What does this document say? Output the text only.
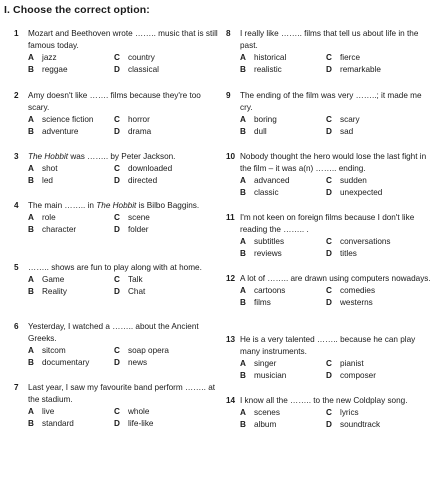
I. Choose the correct option:
1 Mozart and Beethoven wrote …….. music that is still famous today.
A jazz	C country
B reggae	D classical
2 Amy doesn't like ……. films because they're too scary.
A science fiction	C horror
B adventure	D drama
3 The Hobbit was …….. by Peter Jackson.
A shot	C downloaded
B led	D directed
4 The main …….. in The Hobbit is Bilbo Baggins.
A role	C scene
B character	D folder
5 …….. shows are fun to play along with at home.
A Game	C Talk
B Reality	D Chat
6 Yesterday, I watched a …….. about the Ancient Greeks.
A sitcom	C soap opera
B documentary	D news
7 Last year, I saw my favourite band perform …….. at the stadium.
A live	C whole
B standard	D life-like
8 I really like …….. films that tell us about life in the past.
A historical	C fierce
B realistic	D remarkable
9 The ending of the film was very ……..; it made me cry.
A boring	C scary
B dull	D sad
10 Nobody thought the hero would lose the last fight in the film – it was a(n) …….. ending.
A advanced	C sudden
B classic	D unexpected
11 I'm not keen on foreign films because I don't like reading the …….. .
A subtitles	C conversations
B reviews	D titles
12 A lot of …….. are drawn using computers nowadays.
A cartoons	C comedies
B films	D westerns
13 He is a very talented …….. because he can play many instruments.
A singer	C pianist
B musician	D composer
14 I know all the …….. to the new Coldplay song.
A scenes	C lyrics
B album	D soundtrack
